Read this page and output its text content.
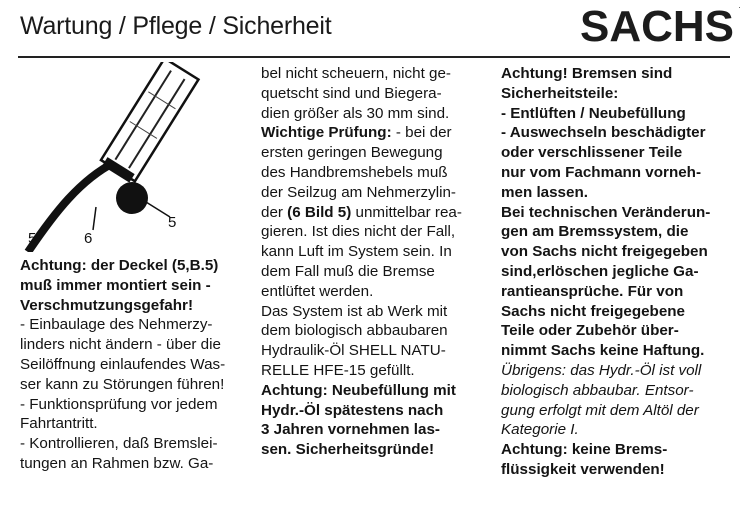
Wartung / Pflege / Sicherheit	SACHS ·
5	6
5
Achtung: der Deckel (5,B.5)
muß immer montiert sein -
Verschmutzungsgefahr!
- Einbaulage des Nehmerzy-
linders nicht ändern - über die
Seilöffnung einlaufendes Was-
ser kann zu Störungen führen!
- Funktionsprüfung vor jedem
Fahrtantritt.
- Kontrollieren, daß Bremslei-
tungen an Rahmen bzw. Ga-
bel nicht scheuern, nicht ge-
quetscht sind und Biegera-
dien größer als 30 mm sind.
Wichtige Prüfung: - bei der
ersten geringen Bewegung
des Handbremshebels muß
der Seilzug am Nehmerzylin-
der (6 Bild 5) unmittelbar rea-
gieren. Ist dies nicht der Fall,
kann Luft im System sein. In
dem Fall muß die Bremse
entlüftet werden.
Das System ist ab Werk mit
dem biologisch abbaubaren
Hydraulik-Öl SHELL NATU-
RELLE HFE-15 gefüllt.
Achtung: Neubefüllung mit
Hydr.-Öl spätestens nach
3 Jahren vornehmen las-
sen. Sicherheitsgründe!
Achtung! Bremsen sind
Sicherheitsteile:
- Entlüften / Neubefüllung
- Auswechseln beschädigter
oder verschlissener Teile
nur vom Fachmann vorneh-
men lassen.
Bei technischen Veränderun-
gen am Bremssystem, die
von Sachs nicht freigegeben
sind,erlöschen jegliche Ga-
rantieansprüche. Für von
Sachs nicht freigegebene
Teile oder Zubehör über-
nimmt Sachs keine Haftung.
Übrigens: das Hydr.-Öl ist voll
biologisch abbaubar. Entsor-
gung erfolgt mit dem Altöl der
Kategorie I.
Achtung: keine Brems-
flüssigkeit verwenden!
